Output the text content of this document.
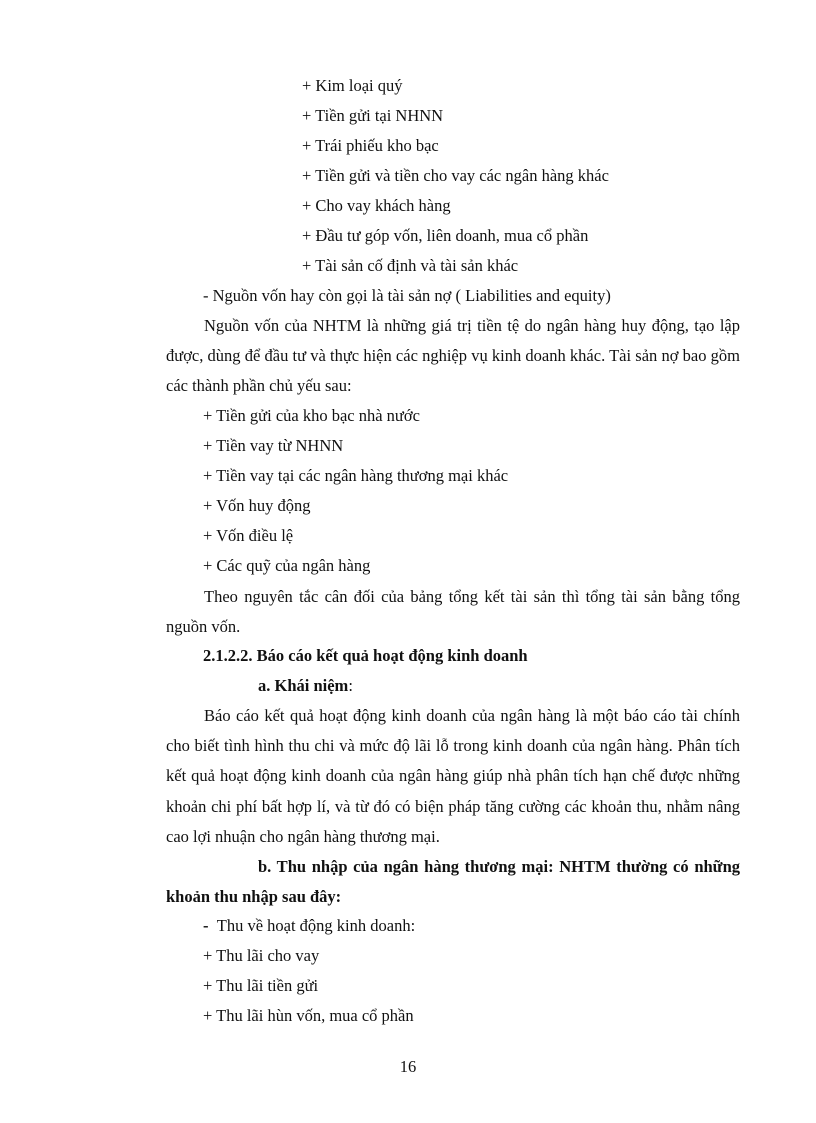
+ Kim loại quý
+ Tiền gửi tại NHNN
+ Trái phiếu kho bạc
+ Tiền gửi và tiền cho vay các ngân hàng khác
+ Cho vay khách hàng
+ Đầu tư góp vốn, liên doanh, mua cổ phần
+ Tài sản cố định và tài sản khác
- Nguồn vốn hay còn gọi là tài sản nợ ( Liabilities and equity)
Nguồn vốn của NHTM là những giá trị tiền tệ do ngân hàng huy động, tạo lập được, dùng để đầu tư và thực hiện các nghiệp vụ kinh doanh khác. Tài sản nợ bao gồm các thành phần chủ yếu sau:
+ Tiền gửi của kho bạc nhà nước
+ Tiền vay từ NHNN
+ Tiền vay tại các ngân hàng thương mại khác
+ Vốn huy động
+ Vốn điều lệ
+ Các quỹ của ngân hàng
Theo nguyên tắc cân đối của bảng tổng kết tài sản thì tổng tài sản bằng tổng nguồn vốn.
2.1.2.2. Báo cáo kết quả hoạt động kinh doanh
a. Khái niệm:
Báo cáo kết quả hoạt động kinh doanh của ngân hàng là một báo cáo tài chính cho biết tình hình thu chi và mức độ lãi lỗ trong kinh doanh của ngân hàng. Phân tích kết quả hoạt động kinh doanh của ngân hàng giúp nhà phân tích hạn chế được những khoản chi phí bất hợp lí, và từ đó có biện pháp tăng cường các khoản thu, nhằm nâng cao lợi nhuận cho ngân hàng thương mại.
b. Thu nhập của ngân hàng thương mại: NHTM thường có những khoản thu nhập sau đây:
- Thu về hoạt động kinh doanh:
+ Thu lãi cho vay
+ Thu lãi tiền gửi
+ Thu lãi hùn vốn, mua cổ phần
16
